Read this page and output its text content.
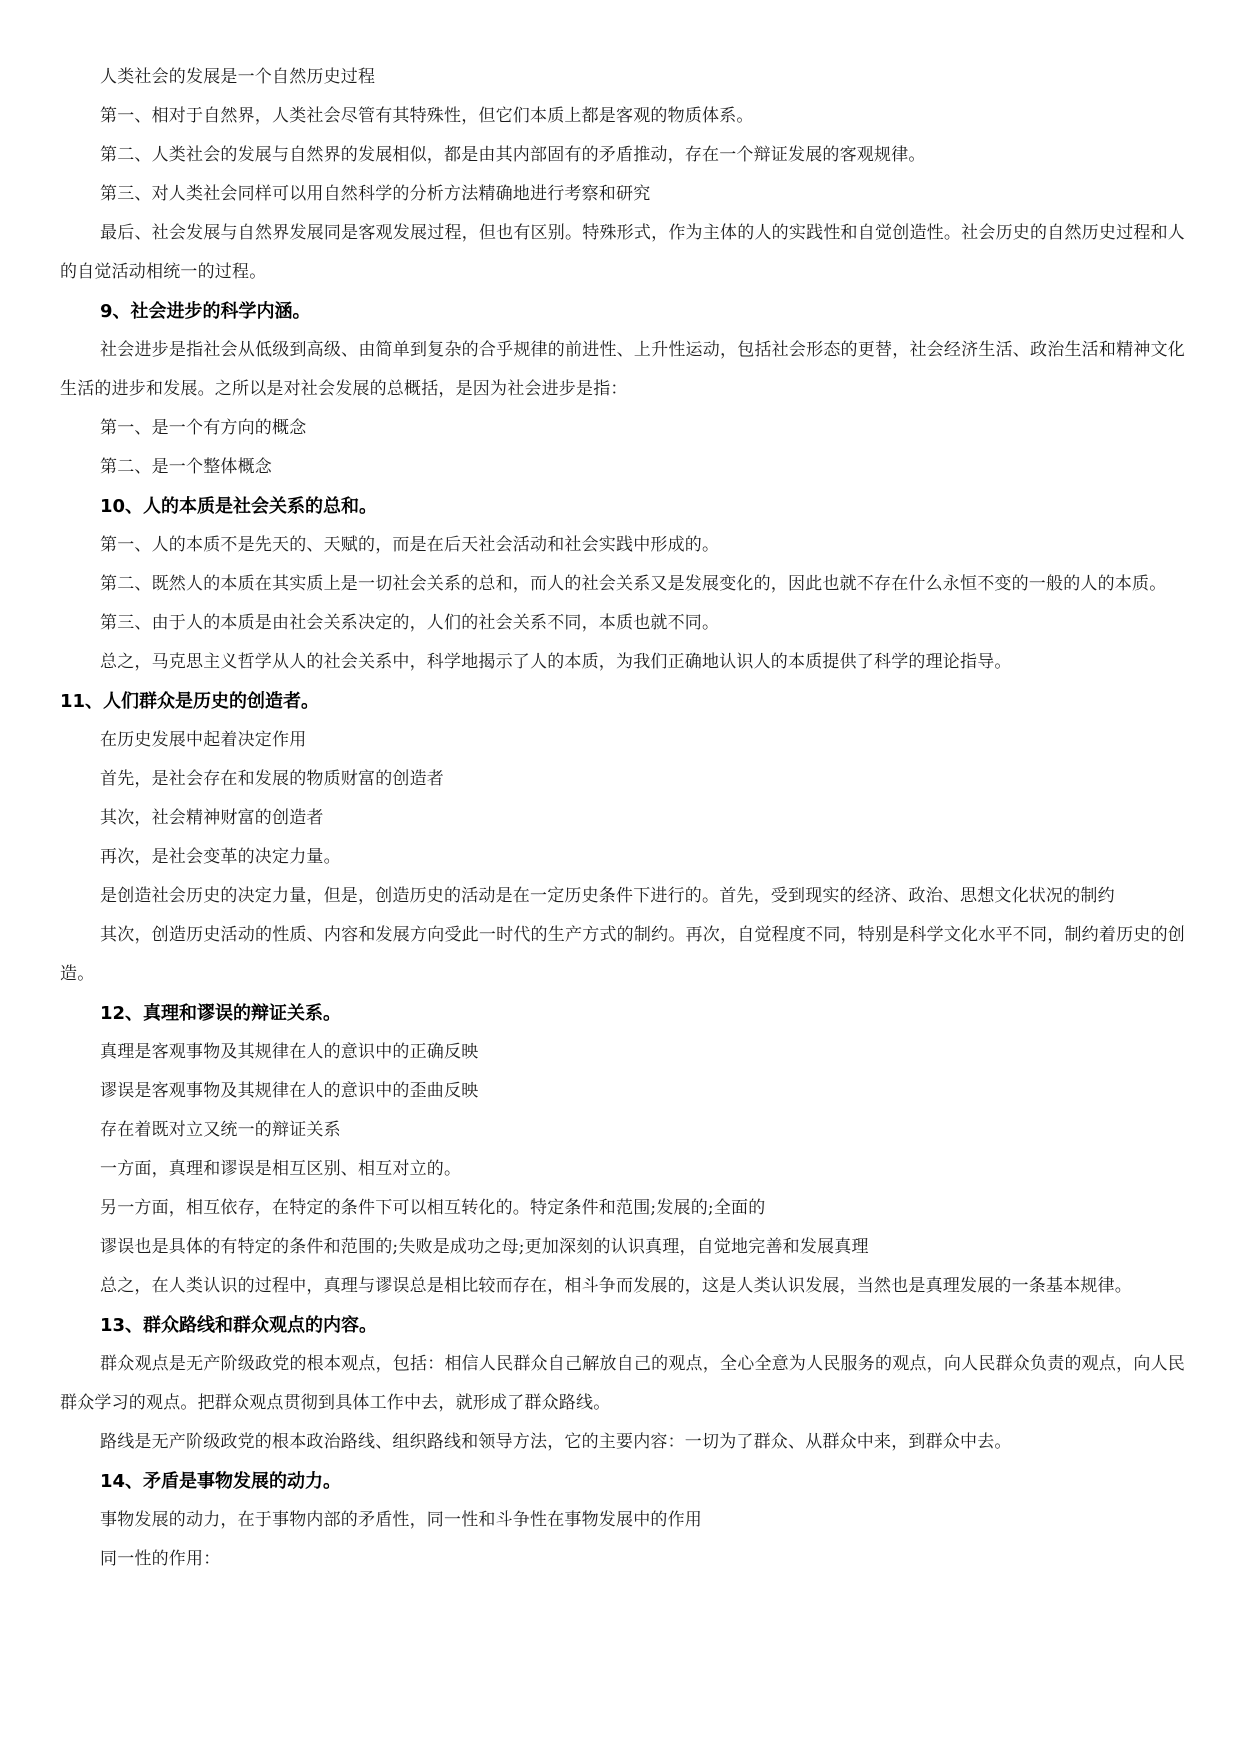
人类社会的发展是一个自然历史过程

第一、相对于自然界，人类社会尽管有其特殊性，但它们本质上都是客观的物质体系。

第二、人类社会的发展与自然界的发展相似，都是由其内部固有的矛盾推动，存在一个辩证发展的客观规律。

第三、对人类社会同样可以用自然科学的分析方法精确地进行考察和研究

最后、社会发展与自然界发展同是客观发展过程，但也有区别。特殊形式，作为主体的人的实践性和自觉创造性。社会历史的自然历史过程和人的自觉活动相统一的过程。

9、社会进步的科学内涵。

社会进步是指社会从低级到高级、由简单到复杂的合乎规律的前进性、上升性运动，包括社会形态的更替，社会经济生活、政治生活和精神文化生活的进步和发展。之所以是对社会发展的总概括，是因为社会进步是指：

第一、是一个有方向的概念

第二、是一个整体概念

10、人的本质是社会关系的总和。

第一、人的本质不是先天的、天赋的，而是在后天社会活动和社会实践中形成的。

第二、既然人的本质在其实质上是一切社会关系的总和，而人的社会关系又是发展变化的，因此也就不存在什么永恒不变的一般的人的本质。

第三、由于人的本质是由社会关系决定的，人们的社会关系不同，本质也就不同。

总之，马克思主义哲学从人的社会关系中，科学地揭示了人的本质，为我们正确地认识人的本质提供了科学的理论指导。

11、人们群众是历史的创造者。

在历史发展中起着决定作用

首先，是社会存在和发展的物质财富的创造者

其次，社会精神财富的创造者

再次，是社会变革的决定力量。

是创造社会历史的决定力量，但是，创造历史的活动是在一定历史条件下进行的。首先，受到现实的经济、政治、思想文化状况的制约

其次，创造历史活动的性质、内容和发展方向受此一时代的生产方式的制约。再次，自觉程度不同，特别是科学文化水平不同，制约着历史的创造。

12、真理和谬误的辩证关系。

真理是客观事物及其规律在人的意识中的正确反映

谬误是客观事物及其规律在人的意识中的歪曲反映

存在着既对立又统一的辩证关系

一方面，真理和谬误是相互区别、相互对立的。

另一方面，相互依存，在特定的条件下可以相互转化的。特定条件和范围;发展的;全面的

谬误也是具体的有特定的条件和范围的;失败是成功之母;更加深刻的认识真理，自觉地完善和发展真理

总之，在人类认识的过程中，真理与谬误总是相比较而存在，相斗争而发展的，这是人类认识发展，当然也是真理发展的一条基本规律。

13、群众路线和群众观点的内容。

群众观点是无产阶级政党的根本观点，包括：相信人民群众自己解放自己的观点，全心全意为人民服务的观点，向人民群众负责的观点，向人民群众学习的观点。把群众观点贯彻到具体工作中去，就形成了群众路线。

路线是无产阶级政党的根本政治路线、组织路线和领导方法，它的主要内容：一切为了群众、从群众中来，到群众中去。

14、矛盾是事物发展的动力。

事物发展的动力，在于事物内部的矛盾性，同一性和斗争性在事物发展中的作用

同一性的作用：
